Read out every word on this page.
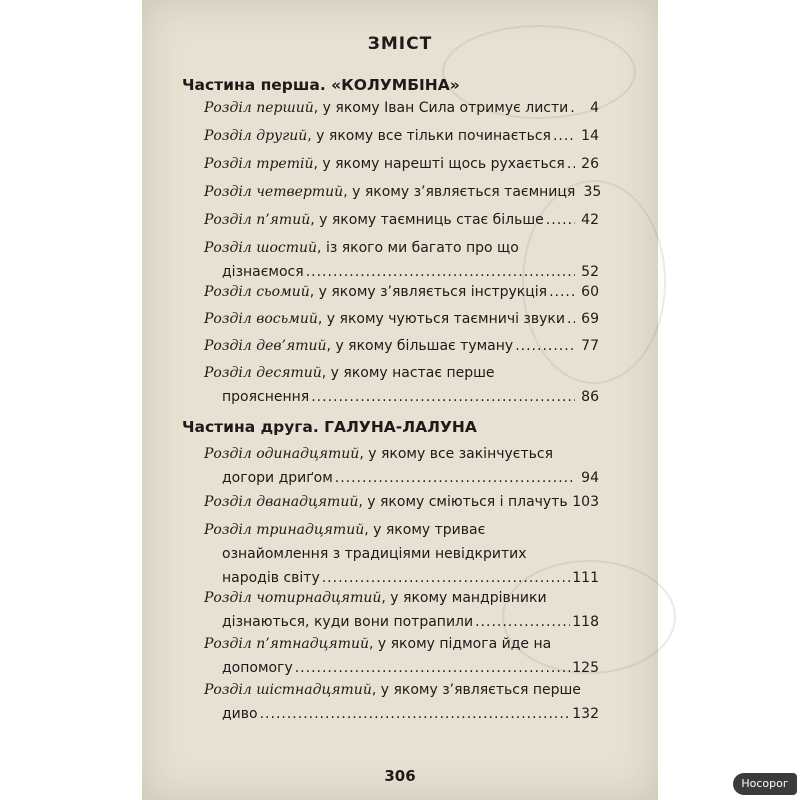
ЗМІСТ
Частина перша. «КОЛУМБІНА»
Розділ перший , у якому Іван Сила отримує листи .....	4
Розділ другий , у якому все тільки починається ..... 14
Розділ третій , у якому нарешті щось рухається ..... 26
Розділ четвертий , у якому з’являється таємниця 35
Розділ п’ятий , у якому таємниць стає більше .....	42
Розділ шостий , із якого ми багато про що
дізнаємося .....	52
Розділ сьомий , у якому з’являється інструкція ..... 60
Розділ восьмий , у якому чуються таємничі звуки ..... 69
Розділ дев’ятий , у якому більшає туману .....	77
Розділ десятий , у якому настає перше
прояснення .....	86
Частина друга. ГАЛУНА-ЛАЛУНА
Розділ одинадцятий , у якому все закінчується
догори дриґом .....	94
Розділ дванадцятий , у якому сміються і плачуть ..... 103
Розділ тринадцятий , у якому триває
ознайомлення з традиціями невідкритих
народів світу .....	111
Розділ чотирнадцятий , у якому мандрівники
дізнаються, куди вони потрапили .....	118
Розділ п’ятнадцятий , у якому підмога йде на
допомогу .....	125
Розділ шістнадцятий , у якому з’являється перше
диво .....	132
306	Носорог
